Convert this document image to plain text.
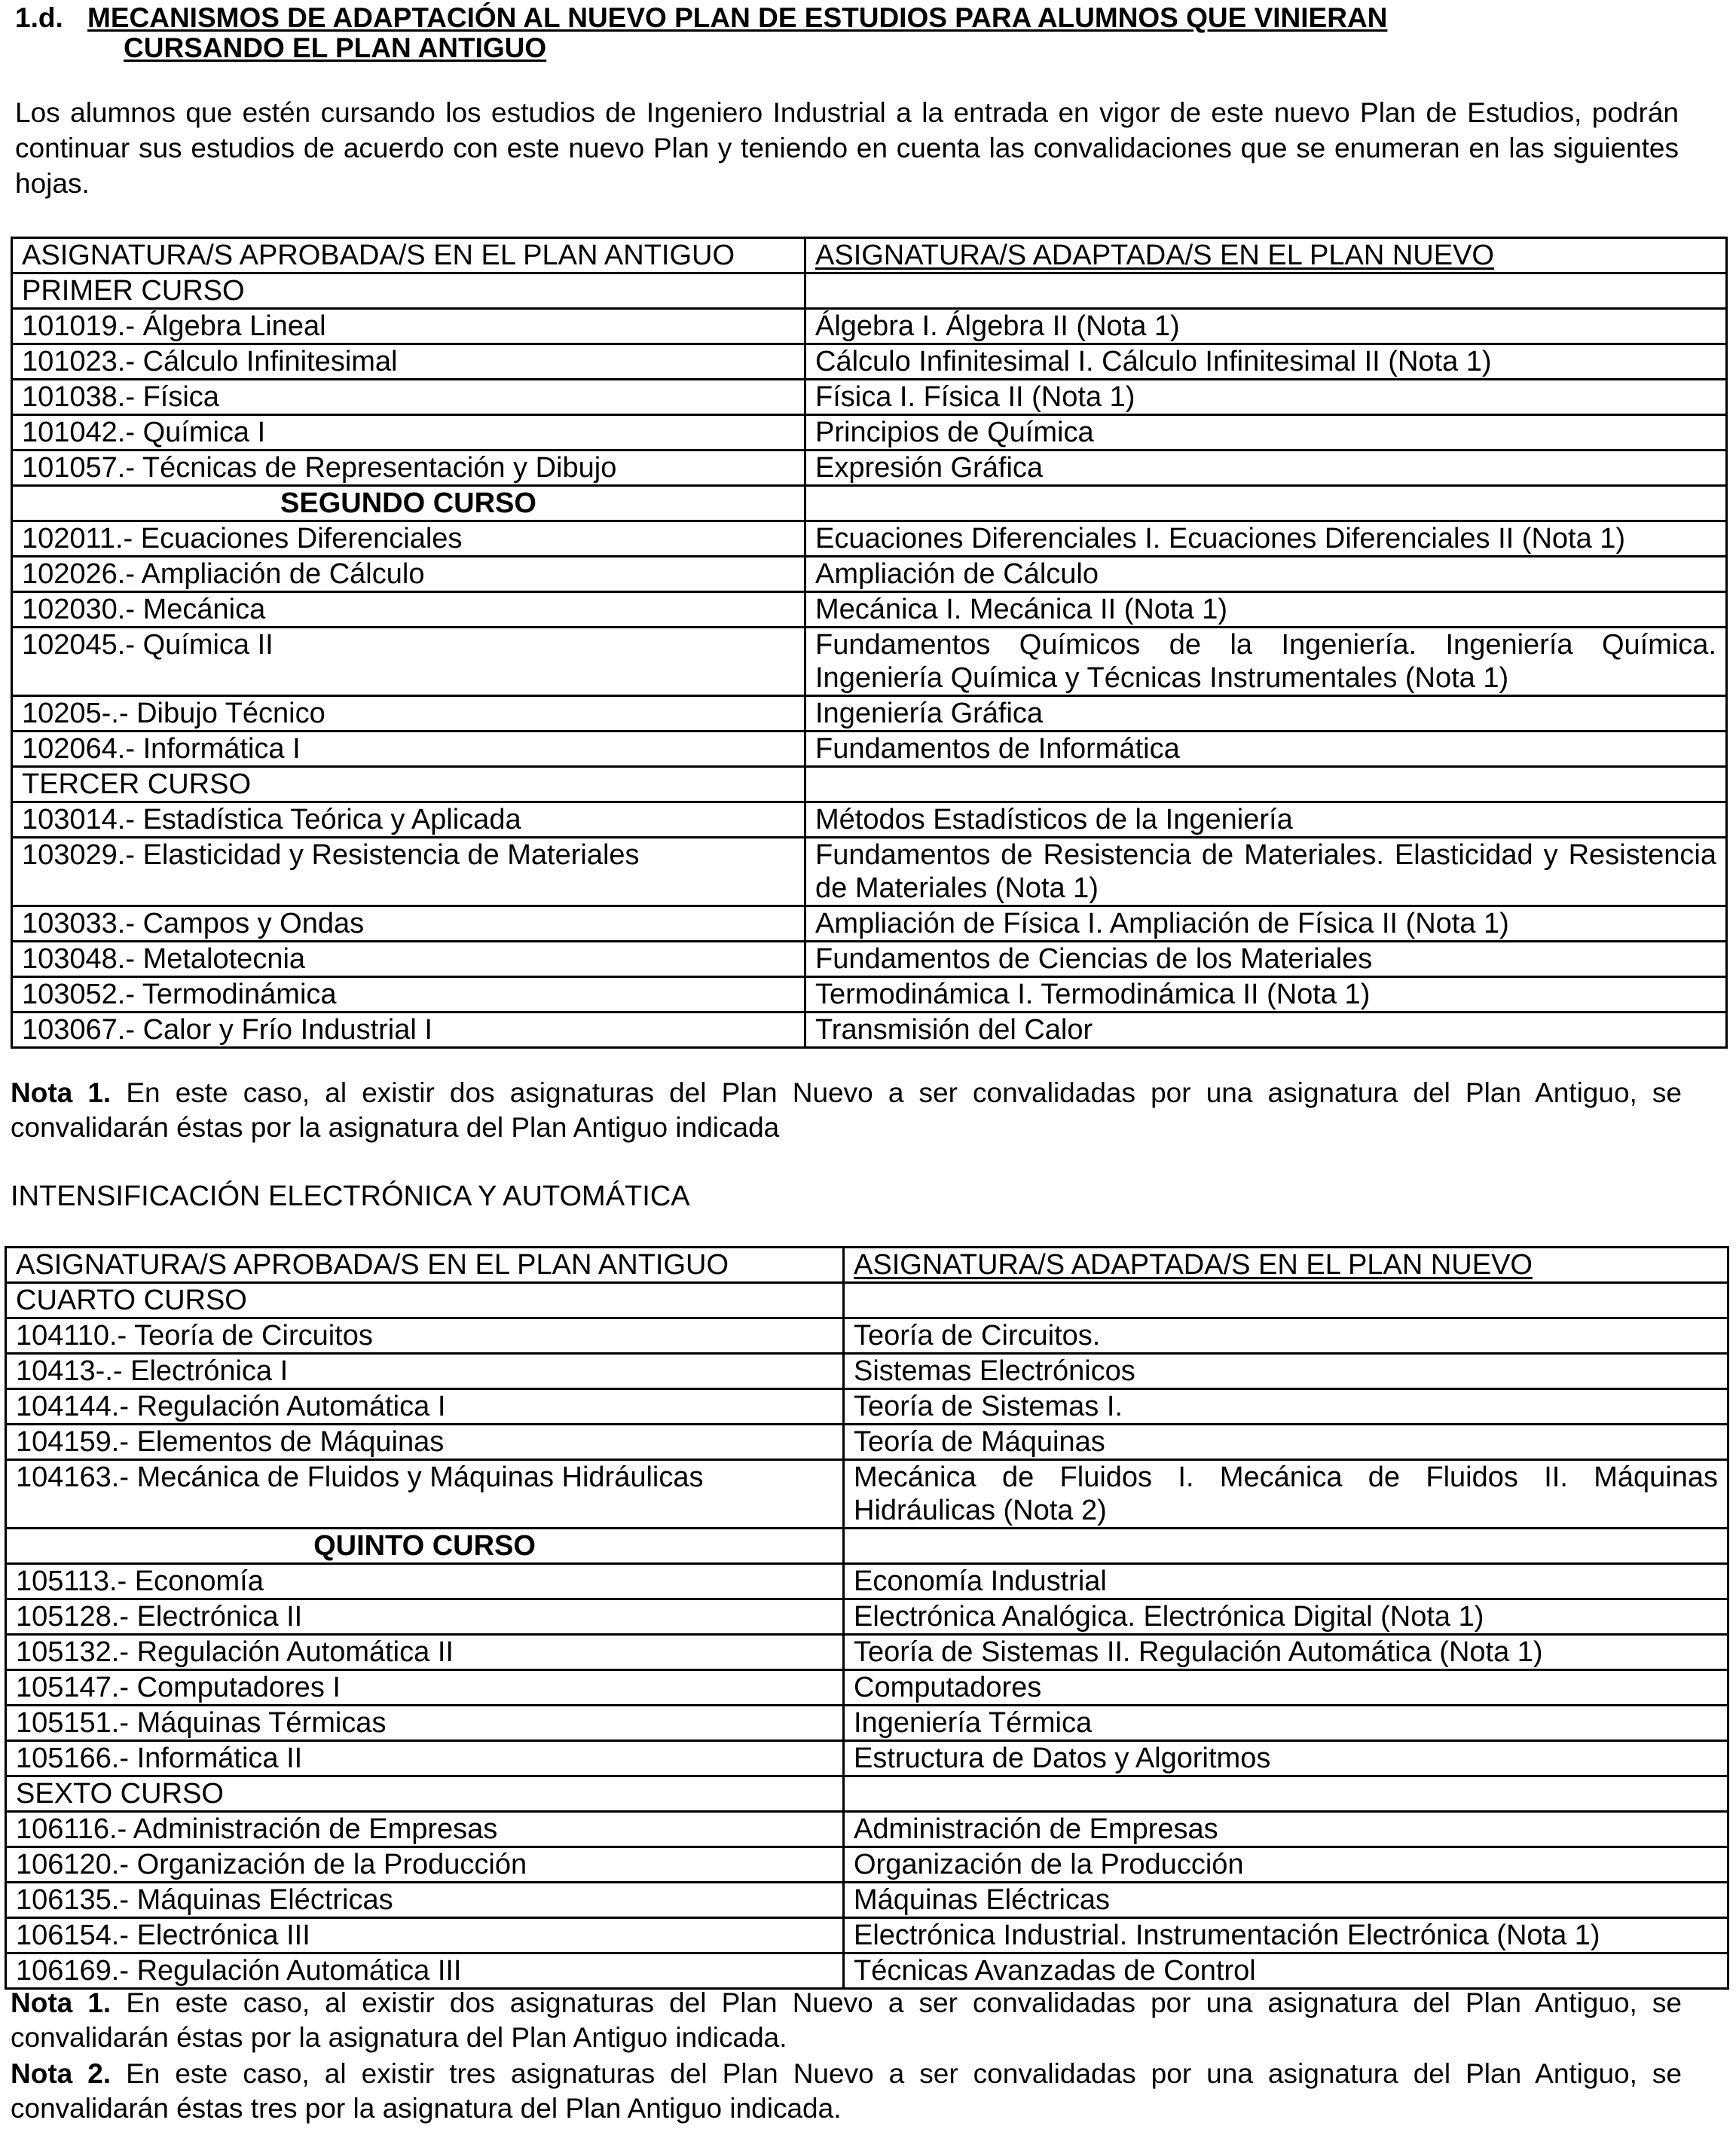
1.d. MECANISMOS DE ADAPTACIÓN AL NUEVO PLAN DE ESTUDIOS PARA ALUMNOS QUE VINIERAN
CURSANDO EL PLAN ANTIGUO
Los alumnos que estén cursando los estudios de Ingeniero Industrial a la entrada en vigor de este nuevo Plan de Estudios, podrán continuar sus estudios de acuerdo con este nuevo Plan y teniendo en cuenta las convalidaciones que se enumeran en las siguientes hojas.
ASIGNATURA/S APROBADA/S EN EL PLAN ANTIGUO	ASIGNATURA/S ADAPTADA/S EN EL PLAN NUEVO
PRIMER CURSO	
101019.- Álgebra Lineal	Álgebra I. Álgebra II (Nota 1)
101023.- Cálculo Infinitesimal	Cálculo Infinitesimal I. Cálculo Infinitesimal II (Nota 1)
101038.- Física	Física I. Física II (Nota 1)
101042.- Química I	Principios de Química
101057.- Técnicas de Representación y Dibujo	Expresión Gráfica
SEGUNDO CURSO	
102011.- Ecuaciones Diferenciales	Ecuaciones Diferenciales I. Ecuaciones Diferenciales II (Nota 1)
102026.- Ampliación de Cálculo	Ampliación de Cálculo
102030.- Mecánica	Mecánica I. Mecánica II (Nota 1)
102045.- Química II	Fundamentos Químicos de la Ingeniería. Ingeniería Química. Ingeniería Química y Técnicas Instrumentales (Nota 1)
10205-.- Dibujo Técnico	Ingeniería Gráfica
102064.- Informática I	Fundamentos de Informática
TERCER CURSO	
103014.- Estadística Teórica y Aplicada	Métodos Estadísticos de la Ingeniería
103029.- Elasticidad y Resistencia de Materiales	Fundamentos de Resistencia de Materiales. Elasticidad y Resistencia de Materiales (Nota 1)
103033.- Campos y Ondas	Ampliación de Física I. Ampliación de Física II (Nota 1)
103048.- Metalotecnia	Fundamentos de Ciencias de los Materiales
103052.- Termodinámica	Termodinámica I. Termodinámica II (Nota 1)
103067.- Calor y Frío Industrial I	Transmisión del Calor
Nota 1. En este caso, al existir dos asignaturas del Plan Nuevo a ser convalidadas por una asignatura del Plan Antiguo, se convalidarán éstas por la asignatura del Plan Antiguo indicada
INTENSIFICACIÓN ELECTRÓNICA Y AUTOMÁTICA
ASIGNATURA/S APROBADA/S EN EL PLAN ANTIGUO	ASIGNATURA/S ADAPTADA/S EN EL PLAN NUEVO
CUARTO CURSO	
104110.- Teoría de Circuitos	Teoría de Circuitos.
10413-.- Electrónica I	Sistemas Electrónicos
104144.- Regulación Automática I	Teoría de Sistemas I.
104159.- Elementos de Máquinas	Teoría de Máquinas
104163.- Mecánica de Fluidos y Máquinas Hidráulicas	Mecánica de Fluidos I. Mecánica de Fluidos II. Máquinas Hidráulicas (Nota 2)
QUINTO CURSO	
105113.- Economía	Economía Industrial
105128.- Electrónica II	Electrónica Analógica. Electrónica Digital (Nota 1)
105132.- Regulación Automática II	Teoría de Sistemas II. Regulación Automática (Nota 1)
105147.- Computadores I	Computadores
105151.- Máquinas Térmicas	Ingeniería Térmica
105166.- Informática II	Estructura de Datos y Algoritmos
SEXTO CURSO	
106116.- Administración de Empresas	Administración de Empresas
106120.- Organización de la Producción	Organización de la Producción
106135.- Máquinas Eléctricas	Máquinas Eléctricas
106154.- Electrónica III	Electrónica Industrial. Instrumentación Electrónica (Nota 1)
106169.- Regulación Automática III	Técnicas Avanzadas de Control
Nota 1. En este caso, al existir dos asignaturas del Plan Nuevo a ser convalidadas por una asignatura del Plan Antiguo, se convalidarán éstas por la asignatura del Plan Antiguo indicada.
Nota 2. En este caso, al existir tres asignaturas del Plan Nuevo a ser convalidadas por una asignatura del Plan Antiguo, se convalidarán éstas tres por la asignatura del Plan Antiguo indicada.
